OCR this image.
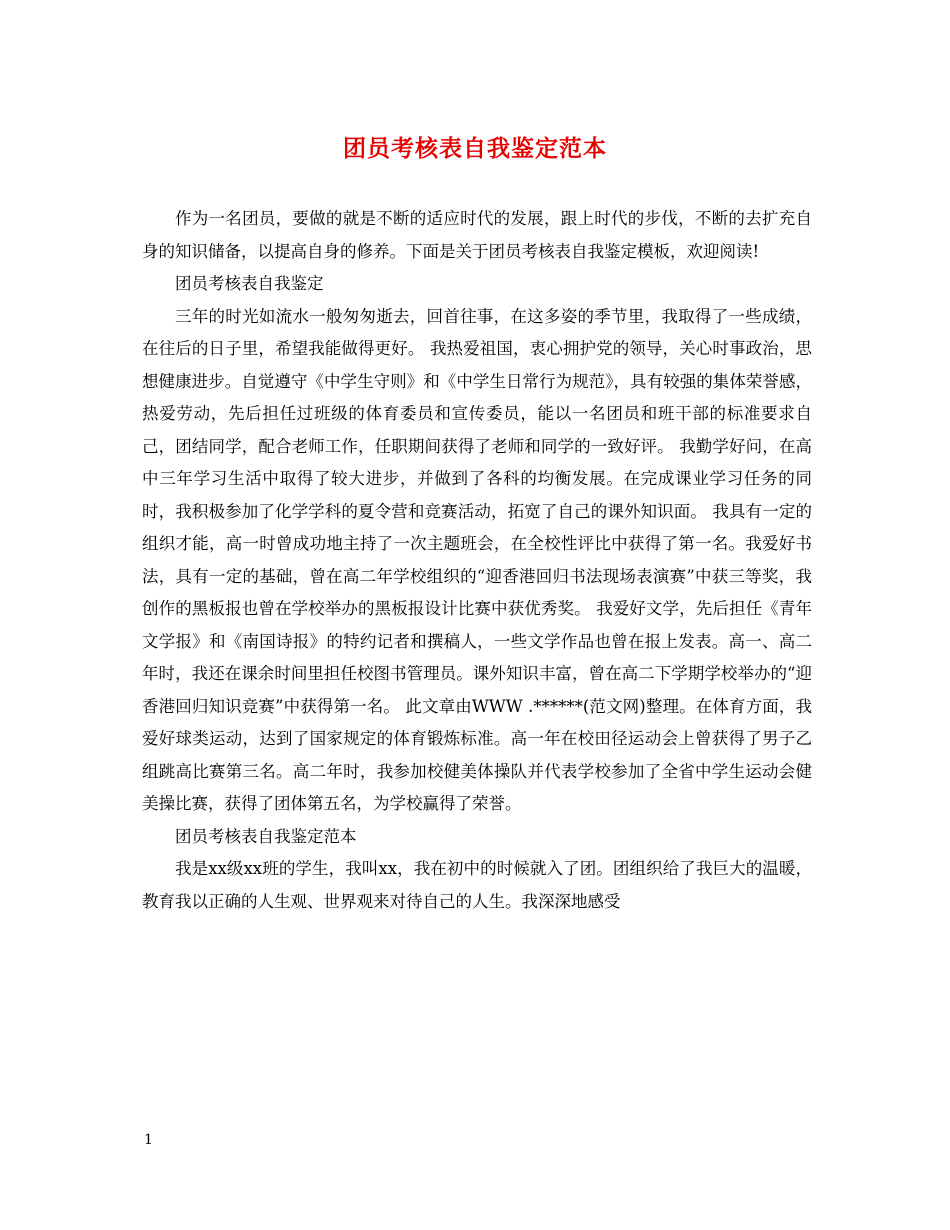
团员考核表自我鉴定范本

作为一名团员，要做的就是不断的适应时代的发展，跟上时代的步伐，不断的去扩充自身的知识储备，以提高自身的修养。下面是关于团员考核表自我鉴定模板，欢迎阅读!

团员考核表自我鉴定

三年的时光如流水一般匆匆逝去，回首往事，在这多姿的季节里，我取得了一些成绩，在往后的日子里，希望我能做得更好。 我热爱祖国，衷心拥护党的领导，关心时事政治，思想健康进步。自觉遵守《中学生守则》和《中学生日常行为规范》，具有较强的集体荣誉感，热爱劳动，先后担任过班级的体育委员和宣传委员，能以一名团员和班干部的标准要求自己，团结同学，配合老师工作，任职期间获得了老师和同学的一致好评。 我勤学好问，在高中三年学习生活中取得了较大进步，并做到了各科的均衡发展。在完成课业学习任务的同时，我积极参加了化学学科的夏令营和竞赛活动，拓宽了自己的课外知识面。 我具有一定的组织才能，高一时曾成功地主持了一次主题班会，在全校性评比中获得了第一名。我爱好书法，具有一定的基础，曾在高二年学校组织的“迎香港回归书法现场表演赛”中获三等奖，我创作的黑板报也曾在学校举办的黑板报设计比赛中获优秀奖。 我爱好文学，先后担任《青年文学报》和《南国诗报》的特约记者和撰稿人，一些文学作品也曾在报上发表。高一、高二年时，我还在课余时间里担任校图书管理员。课外知识丰富，曾在高二下学期学校举办的“迎香港回归知识竞赛”中获得第一名。 此文章由WWW .******(范文网)整理。在体育方面，我爱好球类运动，达到了国家规定的体育锻炼标准。高一年在校田径运动会上曾获得了男子乙组跳高比赛第三名。高二年时，我参加校健美体操队并代表学校参加了全省中学生运动会健美操比赛，获得了团体第五名，为学校赢得了荣誉。

团员考核表自我鉴定范本

我是xx级xx班的学生，我叫xx，我在初中的时候就入了团。团组织给了我巨大的温暖，教育我以正确的人生观、世界观来对待自己的人生。我深深地感受

1
